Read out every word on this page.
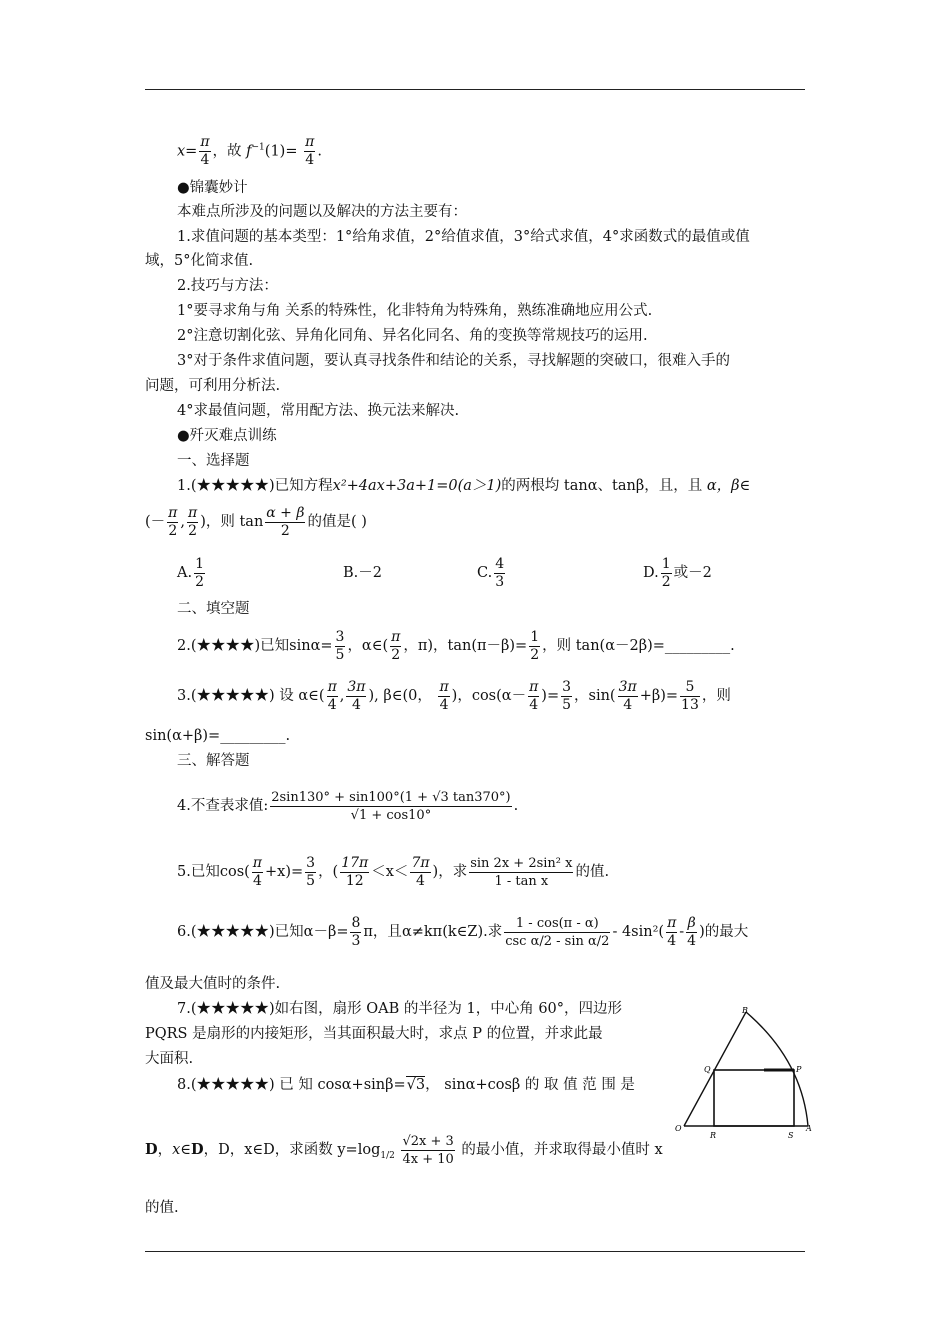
$x= \frac{\pi}{4}$ ，故 $f^{-1}(1)= \frac{\pi}{4}$ .
●锦囊妙计
本难点所涉及的问题以及解决的方法主要有：
1.求值问题的基本类型：1°给角求值，2°给值求值，3°给式求值，4°求函数式的最值或值
域，5°化简求值.
2.技巧与方法：
1°要寻求角与角 关系的特殊性，化非特角为特殊角，熟练准确地应用公式.
2°注意切割化弦、异角化同角、异名化同名、角的变换等常规技巧的运用.
3°对于条件求值问题，要认真寻找条件和结论的关系，寻找解题的突破口，很难入手的
问题，可利用分析法.
4°求最值问题，常用配方法、换元法来解决.
●歼灭难点训练
一、选择题
1.(★★★★★)已知方程x²+4ax+3a+1=0(a＞1)的两根均 tanα、tanβ，且，且 α，β∈
(－ $\frac{\pi}{2}$ , $\frac{\pi}{2}$ )，则 $\tan \frac{\alpha + \beta}{2}$ 的值是( )
A. $\frac{1}{2}$	B.－2	C. $\frac{4}{3}$	D. $\frac{1}{2}$ 或－2
二、填空题
2.(★★★★)已知$\sin\alpha= \frac{3}{5}$ ，α∈( $\frac{\pi}{2}$ ，π)，$\tan(\pi-\beta)= \frac{1}{2}$ ，则 tan(α－2β)=_________.
3.(★★★★★) 设 α∈( $\frac{\pi}{4}$ , $\frac{3\pi}{4}$ ), β∈(0， $\frac{\pi}{4}$ )，$\cos(\alpha- \frac{\pi}{4}$ )= $\frac{3}{5}$ ，$\sin( \frac{3\pi}{4} +\beta)= \frac{5}{13}$ ，则
sin(α+β)=_________.
三、解答题
4.不查表求值: $\frac{2\sin 130^\circ + \sin 100^\circ(1 + √3 \tan 370^\circ)}{√1 + \cos 10^\circ}$ .
5.已知$\cos( \frac{\pi}{4} +x)= \frac{3}{5}$ ，( $\frac{17\pi}{12} <x< \frac{7\pi}{4}$ )，求 $\frac{\text{sin 2x + 2sin² x}}{\text{1 - tan x}}$ 的值.
6.(★★★★★)已知$\alpha-\beta= \frac{8}{3}$ π，且α≠kπ(k∈Z).求 $\frac{1 - \cos(\pi - \alpha)}{\text{csc α/2 - sin α/2}} - 4\sin^2( \frac{\pi}{4} - \frac{\beta}{4}$ )的最大
值及最大值时的条件.
7.(★★★★★)如右图，扇形 OAB 的半径为 1，中心角 60°，四边形
PQRS 是扇形的内接矩形，当其面积最大时，求点 P 的位置，并求此最
大面积.
8.(★★★★★) 已 知 cosα+sinβ=√3， sinα+cosβ 的 取 值 范 围 是
D，x∈D，D，x∈D，求函数 $y=\log_{1/2} \frac{√2x + 3}{4x + 10}$ 的最小值，并求取得最小值时 x
的值.
B
Q	P
O
R	S
A
